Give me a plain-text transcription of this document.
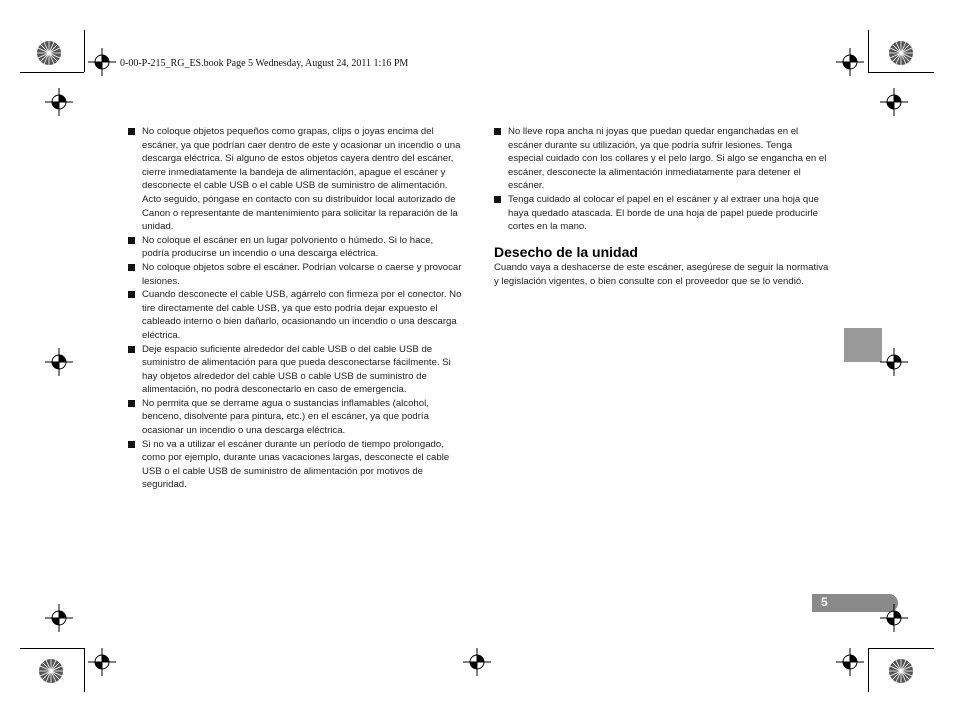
0-00-P-215_RG_ES.book Page 5 Wednesday, August 24, 2011 1:16 PM

No coloque objetos pequeños como grapas, clips o joyas encima del escáner, ya que podrían caer dentro de este y ocasionar un incendio o una descarga eléctrica. Si alguno de estos objetos cayera dentro del escáner, cierre inmediatamente la bandeja de alimentación, apague el escáner y desconecte el cable USB o el cable USB de suministro de alimentación. Acto seguido, póngase en contacto con su distribuidor local autorizado de Canon o representante de mantenimiento para solicitar la reparación de la unidad.

No coloque el escáner en un lugar polvoriento o húmedo. Si lo hace, podría producirse un incendio o una descarga eléctrica.

No coloque objetos sobre el escáner. Podrían volcarse o caerse y provocar lesiones.

Cuando desconecte el cable USB, agárrelo con firmeza por el conector. No tire directamente del cable USB, ya que esto podría dejar expuesto el cableado interno o bien dañarlo, ocasionando un incendio o una descarga eléctrica.

Deje espacio suficiente alrededor del cable USB o del cable USB de suministro de alimentación para que pueda desconectarse fácilmente. Si hay objetos alrededor del cable USB o cable USB de suministro de alimentación, no podrá desconectarlo en caso de emergencia.

No permita que se derrame agua o sustancias inflamables (alcohol, benceno, disolvente para pintura, etc.) en el escáner, ya que podría ocasionar un incendio o una descarga eléctrica.

Si no va a utilizar el escáner durante un período de tiempo prolongado, como por ejemplo, durante unas vacaciones largas, desconecte el cable USB o el cable USB de suministro de alimentación por motivos de seguridad.

No lleve ropa ancha ni joyas que puedan quedar enganchadas en el escáner durante su utilización, ya que podría sufrir lesiones. Tenga especial cuidado con los collares y el pelo largo. Si algo se engancha en el escáner, desconecte la alimentación inmediatamente para detener el escáner.

Tenga cuidado al colocar el papel en el escáner y al extraer una hoja que haya quedado atascada. El borde de una hoja de papel puede producirle cortes en la mano.

Desecho de la unidad

Cuando vaya a deshacerse de este escáner, asegúrese de seguir la normativa y legislación vigentes, o bien consulte con el proveedor que se lo vendió.

5
